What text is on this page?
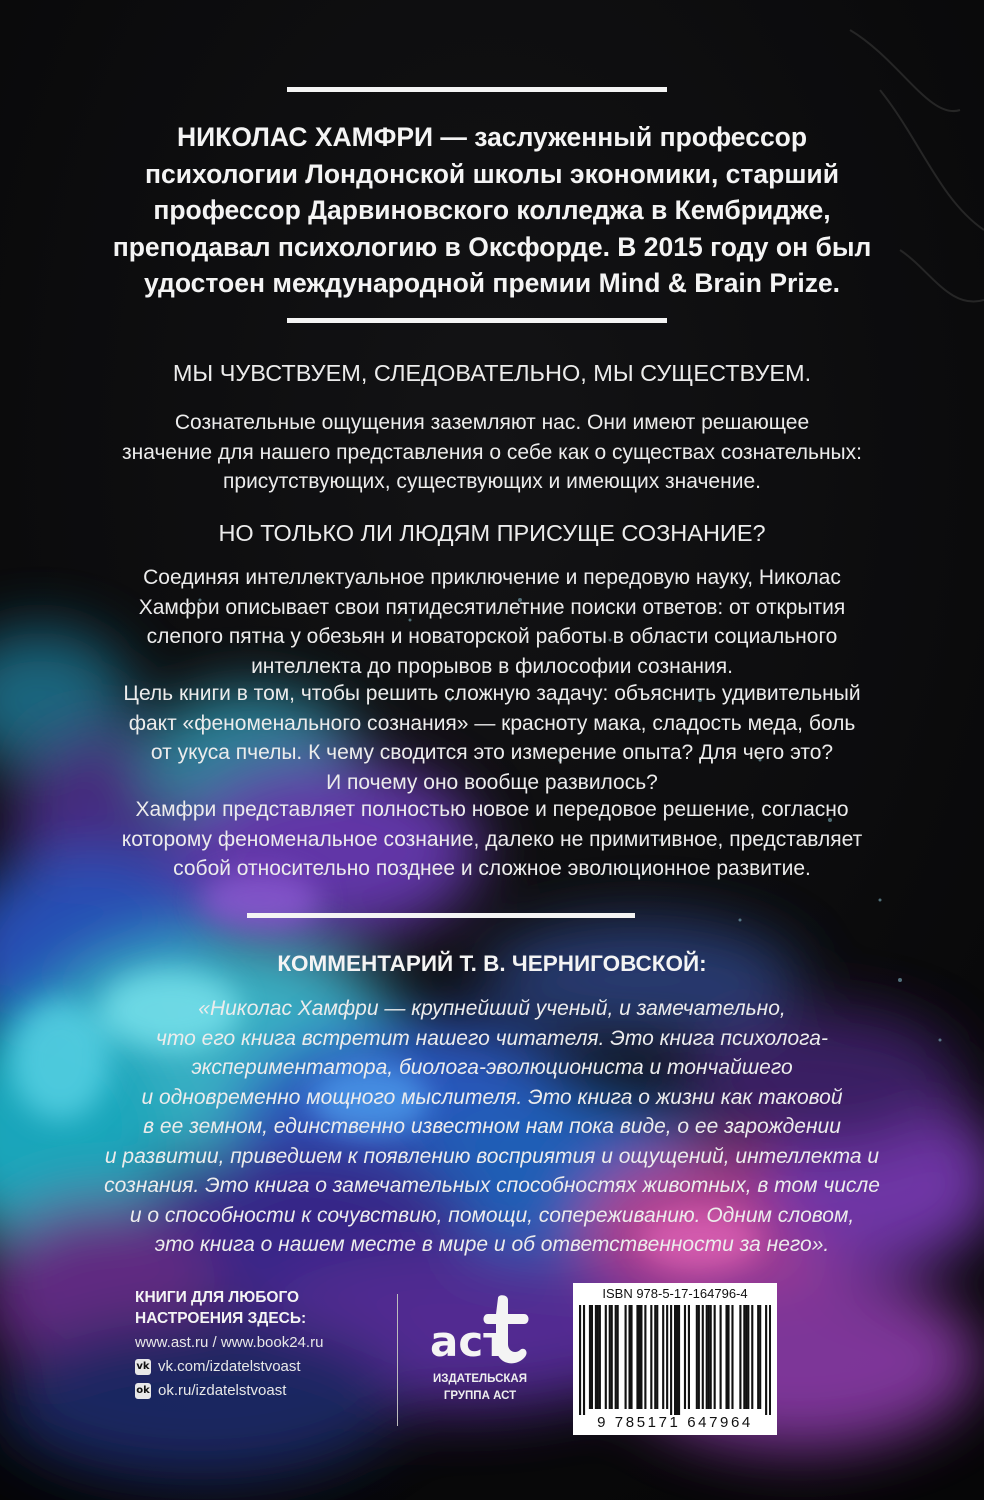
НИКОЛАС ХАМФРИ — заслуженный профессор
психологии Лондонской школы экономики, старший
профессор Дарвиновского колледжа в Кембридже,
преподавал психологию в Оксфорде. В 2015 году он был
удостоен международной премии Mind & Brain Prize.
МЫ ЧУВСТВУЕМ, СЛЕДОВАТЕЛЬНО, МЫ СУЩЕСТВУЕМ.
Сознательные ощущения заземляют нас. Они имеют решающее
значение для нашего представления о себе как о существах сознательных:
присутствующих, существующих и имеющих значение.
НО ТОЛЬКО ЛИ ЛЮДЯМ ПРИСУЩЕ СОЗНАНИЕ?
Соединяя интеллектуальное приключение и передовую науку, Николас
Хамфри описывает свои пятидесятилетние поиски ответов: от открытия
слепого пятна у обезьян и новаторской работы в области социального
интеллекта до прорывов в философии сознания.
Цель книги в том, чтобы решить сложную задачу: объяснить удивительный
факт «феноменального сознания» — красноту мака, сладость меда, боль
от укуса пчелы. К чему сводится это измерение опыта? Для чего это?
И почему оно вообще развилось?
Хамфри представляет полностью новое и передовое решение, согласно
которому феноменальное сознание, далеко не примитивное, представляет
собой относительно позднее и сложное эволюционное развитие.
КОММЕНТАРИЙ Т. В. ЧЕРНИГОВСКОЙ:
«Николас Хамфри — крупнейший ученый, и замечательно,
что его книга встретит нашего читателя. Это книга психолога-
экспериментатора, биолога-эволюциониста и тончайшего
и одновременно мощного мыслителя. Это книга о жизни как таковой
в ее земном, единственно известном нам пока виде, о ее зарождении
и развитии, приведшем к появлению восприятия и ощущений, интеллекта и
сознания. Это книга о замечательных способностях животных, в том числе
и о способности к сочувствию, помощи, сопереживанию. Одним словом,
это книга о нашем месте в мире и об ответственности за него».
КНИГИ ДЛЯ ЛЮБОГО
НАСТРОЕНИЯ ЗДЕСЬ:
www.ast.ru / www.book24.ru
vk vk.com/izdatelstvoast
ok ok.ru/izdatelstvoast
аст
ИЗДАТЕЛЬСКАЯ
ГРУППА АСТ
ISBN 978-5-17-164796-4
9 785171 647964
